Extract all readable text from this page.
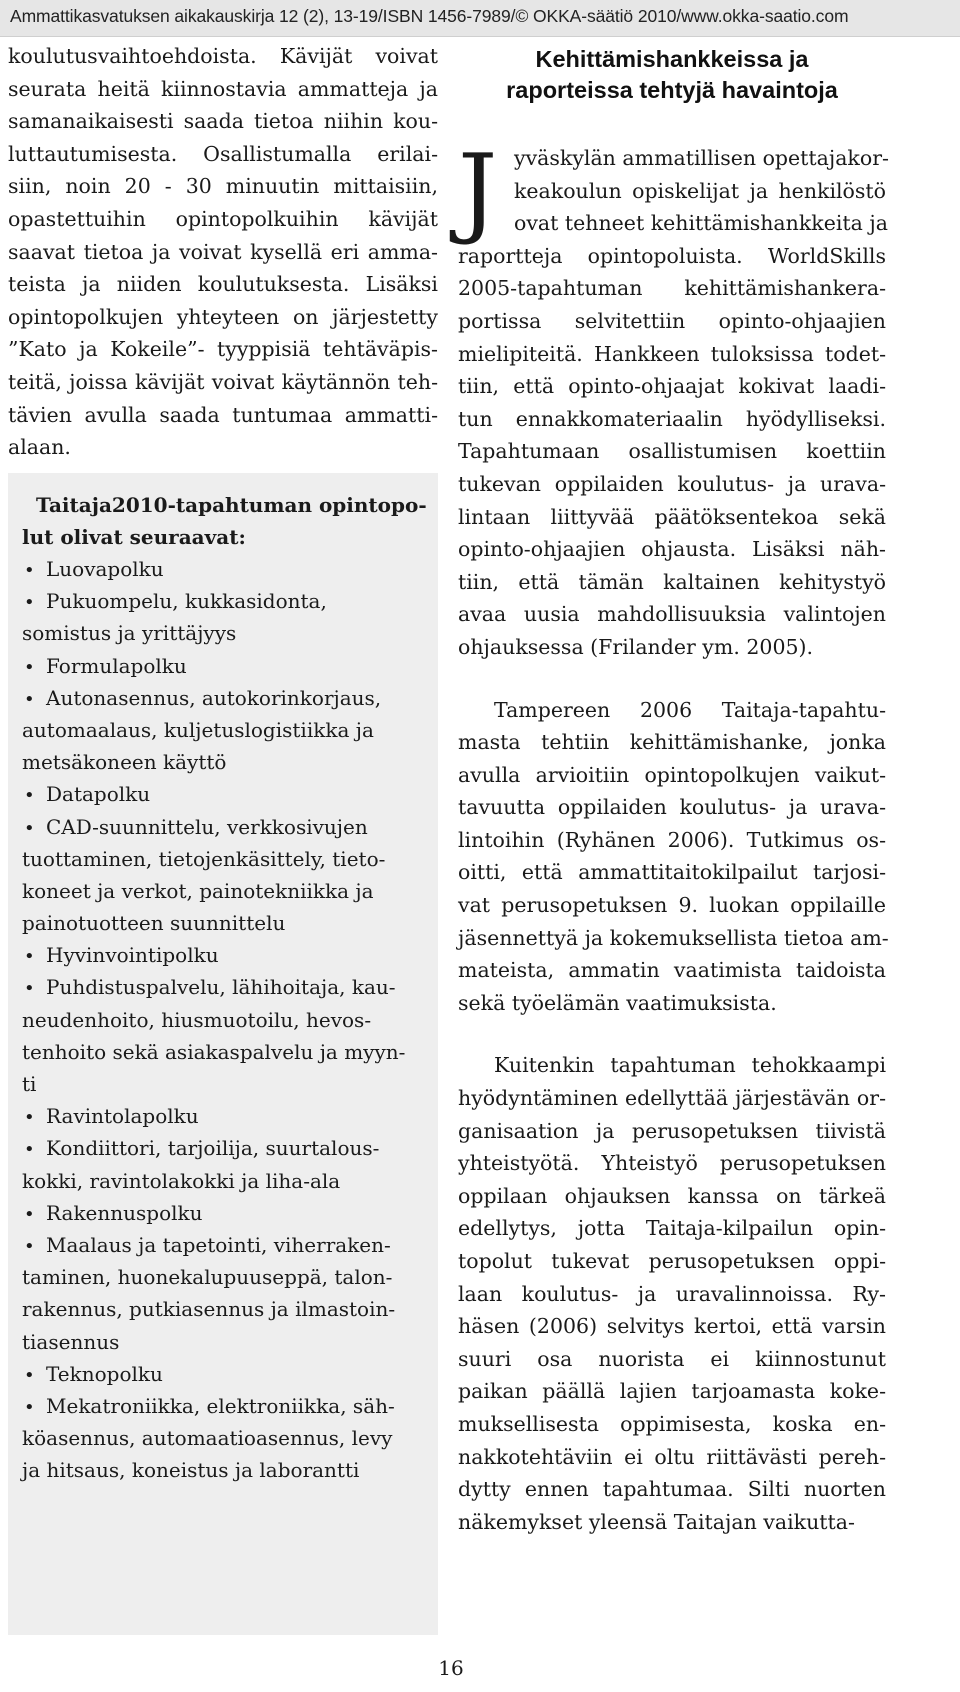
Ammattikasvatuksen aikakauskirja 12 (2), 13-19/ISBN 1456-7989/© OKKA-säätiö 2010/www.okka-saatio.com

koulutusvaihtoehdoista. Kävijät voivat
seurata heitä kiinnostavia ammatteja ja
samanaikaisesti saada tietoa niihin kou-
luttautumisesta. Osallistumalla erilai-
siin, noin 20 - 30 minuutin mittaisiin,
opastettuihin opintopolkuihin kävijät
saavat tietoa ja voivat kysellä eri amma-
teista ja niiden koulutuksesta. Lisäksi
opintopolkujen yhteyteen on järjestetty
”Kato ja Kokeile”- tyyppisiä tehtäväpis-
teitä, joissa kävijät voivat käytännön teh-
tävien avulla saada tuntumaa ammatti-
alaan.

Taitaja2010-tapahtuman opintopo-
lut olivat seuraavat:
• Luovapolku
• Pukuompelu, kukkasidonta,
somistus ja yrittäjyys
• Formulapolku
• Autonasennus, autokorinkorjaus,
automaalaus, kuljetuslogistiikka ja
metsäkoneen käyttö
• Datapolku
• CAD-suunnittelu, verkkosivujen
tuottaminen, tietojenkäsittely, tieto-
koneet ja verkot, painotekniikka ja
painotuotteen suunnittelu
• Hyvinvointipolku
• Puhdistuspalvelu, lähihoitaja, kau-
neudenhoito, hiusmuotoilu, hevos-
tenhoito sekä asiakaspalvelu ja myyn-
ti
• Ravintolapolku
• Kondiittori, tarjoilija, suurtalous-
kokki, ravintolakokki ja liha-ala
• Rakennuspolku
• Maalaus ja tapetointi, viherraken-
taminen, huonekalupuuseppä, talon-
rakennus, putkiasennus ja ilmastoin-
tiasennus
• Teknopolku
• Mekatroniikka, elektroniikka, säh-
köasennus, automaatioasennus, levy
ja hitsaus, koneistus ja laborantti
Kehittämishankkeissa ja
raporteissa tehtyjä havaintoja
J yväskylän ammatillisen opettajakor-
keakoulun opiskelijat ja henkilöstö
ovat tehneet kehittämishankkeita ja
raportteja opintopoluista. WorldSkills
2005-tapahtuman kehittämishankera-
portissa selvitettiin opinto-ohjaajien
mielipiteitä. Hankkeen tuloksissa todet-
tiin, että opinto-ohjaajat kokivat laadi-
tun ennakkomateriaalin hyödylliseksi.
Tapahtumaan osallistumisen koettiin
tukevan oppilaiden koulutus- ja urava-
lintaan liittyvää päätöksentekoa sekä
opinto-ohjaajien ohjausta. Lisäksi näh-
tiin, että tämän kaltainen kehitystyö
avaa uusia mahdollisuuksia valintojen
ohjauksessa (Frilander ym. 2005).

Tampereen 2006 Taitaja-tapahtu-
masta tehtiin kehittämishanke, jonka
avulla arvioitiin opintopolkujen vaikut-
tavuutta oppilaiden koulutus- ja urava-
lintoihin (Ryhänen 2006). Tutkimus os-
oitti, että ammattitaitokilpailut tarjosi-
vat perusopetuksen 9. luokan oppilaille
jäsennettyä ja kokemuksellista tietoa am-
mateista, ammatin vaatimista taidoista
sekä työelämän vaatimuksista.

Kuitenkin tapahtuman tehokkaampi
hyödyntäminen edellyttää järjestävän or-
ganisaation ja perusopetuksen tiivistä
yhteistyötä. Yhteistyö perusopetuksen
oppilaan ohjauksen kanssa on tärkeä
edellytys, jotta Taitaja-kilpailun opin-
topolut tukevat perusopetuksen oppi-
laan koulutus- ja uravalinnoissa. Ry-
häsen (2006) selvitys kertoi, että varsin
suuri osa nuorista ei kiinnostunut
paikan päällä lajien tarjoamasta koke-
muksellisesta oppimisesta, koska en-
nakkotehtäviin ei oltu riittävästi pereh-
dytty ennen tapahtumaa. Silti nuorten
näkemykset yleensä Taitajan vaikutta-

16
